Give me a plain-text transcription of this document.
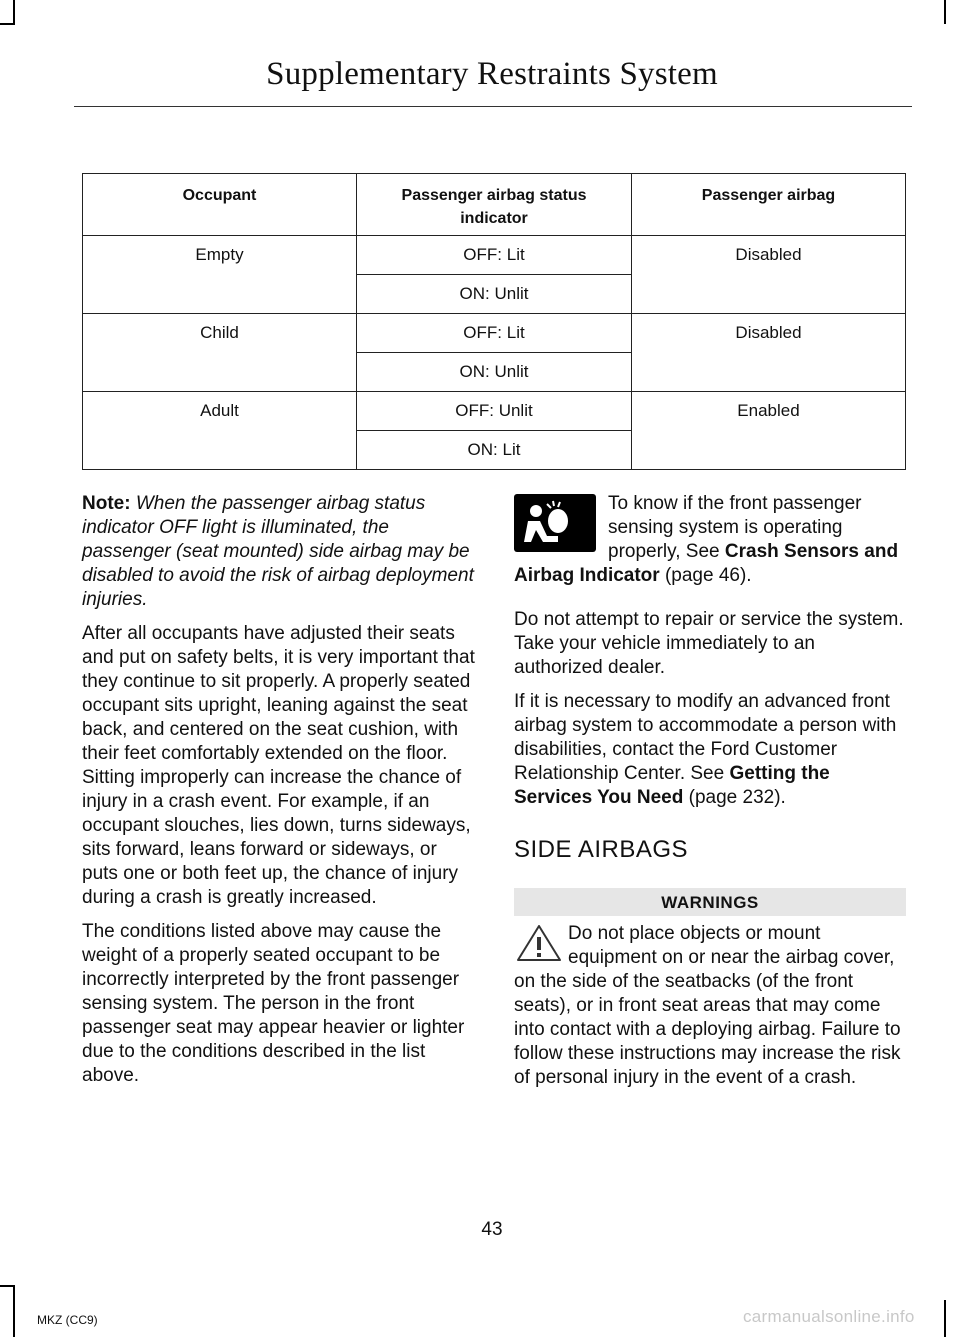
Supplementary Restraints System
Occupant	Passenger airbag status indicator	Passenger airbag
Empty	OFF: Lit	Disabled
	ON: Unlit	
Child	OFF: Lit	Disabled
	ON: Unlit	
Adult	OFF: Unlit	Enabled
	ON: Lit	

Note: When the passenger airbag status indicator OFF light is illuminated, the passenger (seat mounted) side airbag may be disabled to avoid the risk of airbag deployment injuries.

After all occupants have adjusted their seats and put on safety belts, it is very important that they continue to sit properly. A properly seated occupant sits upright, leaning against the seat back, and centered on the seat cushion, with their feet comfortably extended on the floor. Sitting improperly can increase the chance of injury in a crash event. For example, if an occupant slouches, lies down, turns sideways, sits forward, leans forward or sideways, or puts one or both feet up, the chance of injury during a crash is greatly increased.

The conditions listed above may cause the weight of a properly seated occupant to be incorrectly interpreted by the front passenger sensing system. The person in the front passenger seat may appear heavier or lighter due to the conditions described in the list above.

To know if the front passenger sensing system is operating properly, See Crash Sensors and Airbag Indicator (page 46).

Do not attempt to repair or service the system. Take your vehicle immediately to an authorized dealer.

If it is necessary to modify an advanced front airbag system to accommodate a person with disabilities, contact the Ford Customer Relationship Center. See Getting the Services You Need (page 232).

SIDE AIRBAGS
WARNINGS

Do not place objects or mount equipment on or near the airbag cover, on the side of the seatbacks (of the front seats), or in front seat areas that may come into contact with a deploying airbag. Failure to follow these instructions may increase the risk of personal injury in the event of a crash.

43
MKZ (CC9)	carmanualsonline.info
